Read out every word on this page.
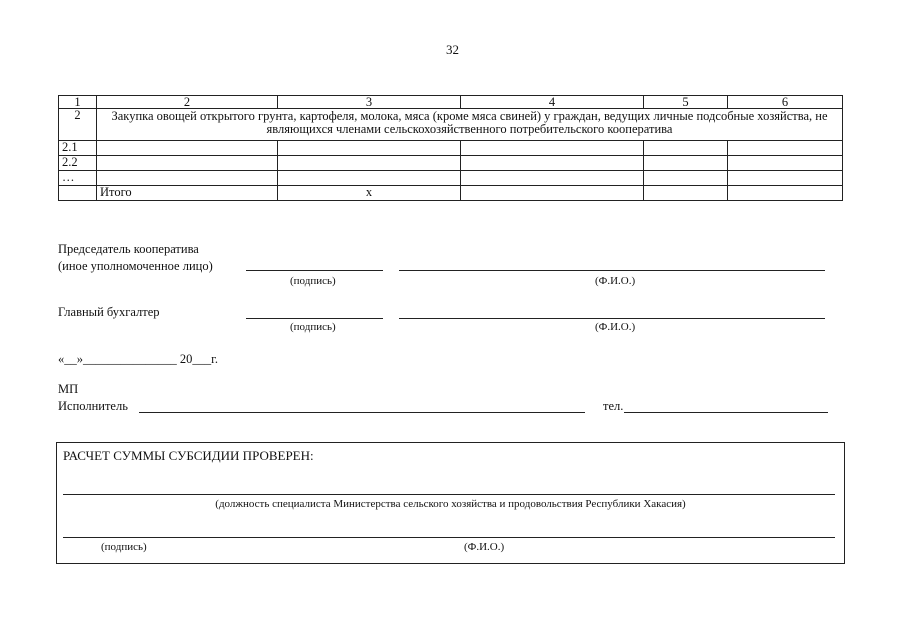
32
1	2	3	4	5	6
2	Закупка овощей открытого грунта, картофеля, молока, мяса (кроме мяса свиней) у граждан, ведущих личные подсобные хозяйства, не являющихся членами сельскохозяйственного потребительского кооператива				
2.1					
2.2					
…					
	Итого	х			
Председатель кооператива
(иное уполномоченное лицо)
(подпись)	(Ф.И.О.)
Главный бухгалтер
(подпись)	(Ф.И.О.)
«__»_______________ 20___г.
МП
Исполнитель	тел.
РАСЧЕТ СУММЫ СУБСИДИИ ПРОВЕРЕН:
(должность специалиста Министерства сельского хозяйства и продовольствия Республики Хакасия)
(подпись)	(Ф.И.О.)
